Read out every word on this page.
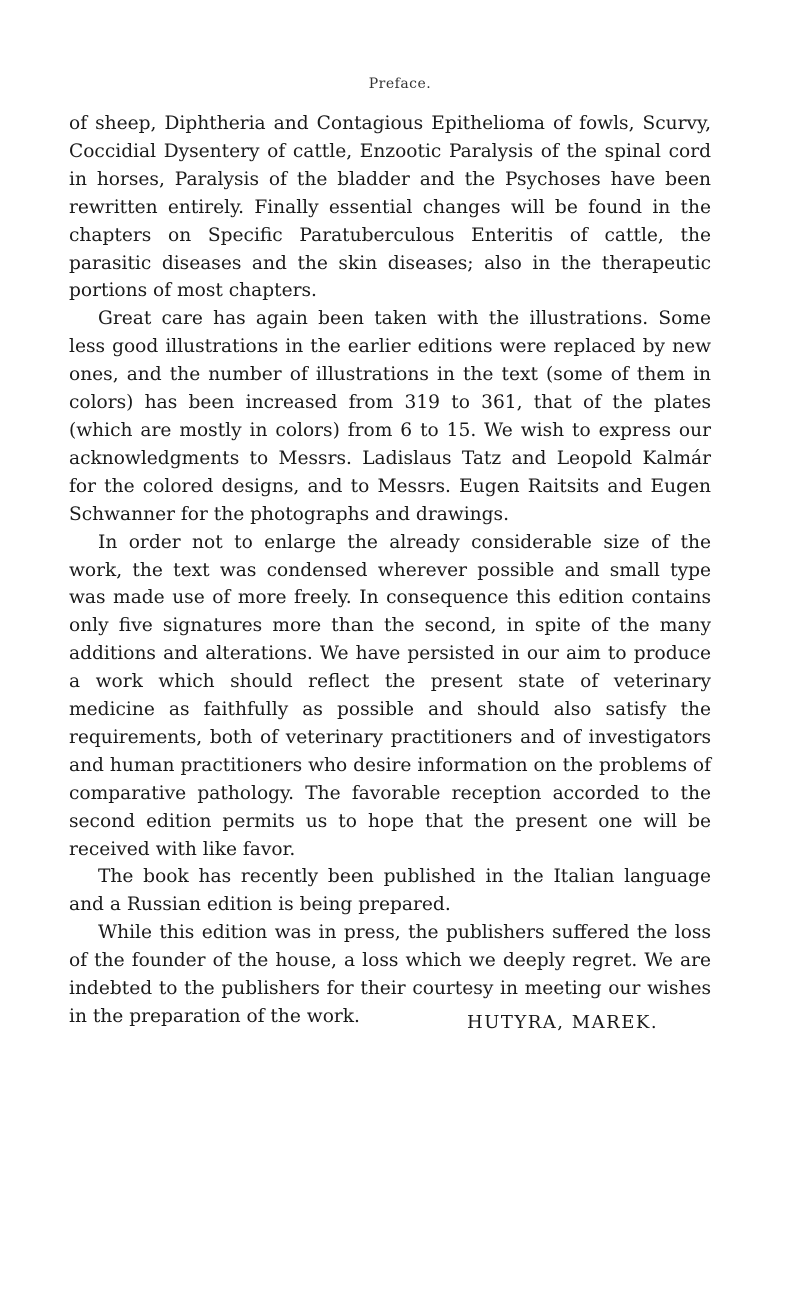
Preface.

of sheep, Diphtheria and Contagious Epithelioma of fowls, Scurvy, Coccidial Dysentery of cattle, Enzootic Paralysis of the spinal cord in horses, Paralysis of the bladder and the Psychoses have been rewritten entirely. Finally essential changes will be found in the chapters on Specific Paratuberculous Enteritis of cattle, the parasitic diseases and the skin diseases; also in the therapeutic portions of most chapters.

Great care has again been taken with the illustrations. Some less good illustrations in the earlier editions were replaced by new ones, and the number of illustrations in the text (some of them in colors) has been increased from 319 to 361, that of the plates (which are mostly in colors) from 6 to 15. We wish to express our acknowledgments to Messrs. Ladislaus Tatz and Leopold Kalmár for the colored designs, and to Messrs. Eugen Raitsits and Eugen Schwanner for the photographs and drawings.

In order not to enlarge the already considerable size of the work, the text was condensed wherever possible and small type was made use of more freely. In consequence this edition contains only five signatures more than the second, in spite of the many additions and alterations. We have persisted in our aim to produce a work which should reflect the present state of veterinary medicine as faithfully as possible and should also satisfy the requirements, both of veterinary practitioners and of investigators and human practitioners who desire information on the problems of comparative pathology. The favorable reception accorded to the second edition permits us to hope that the present one will be received with like favor.

The book has recently been published in the Italian language and a Russian edition is being prepared.

While this edition was in press, the publishers suffered the loss of the founder of the house, a loss which we deeply regret. We are indebted to the publishers for their courtesy in meeting our wishes in the preparation of the work.	HUTYRA, MAREK.
